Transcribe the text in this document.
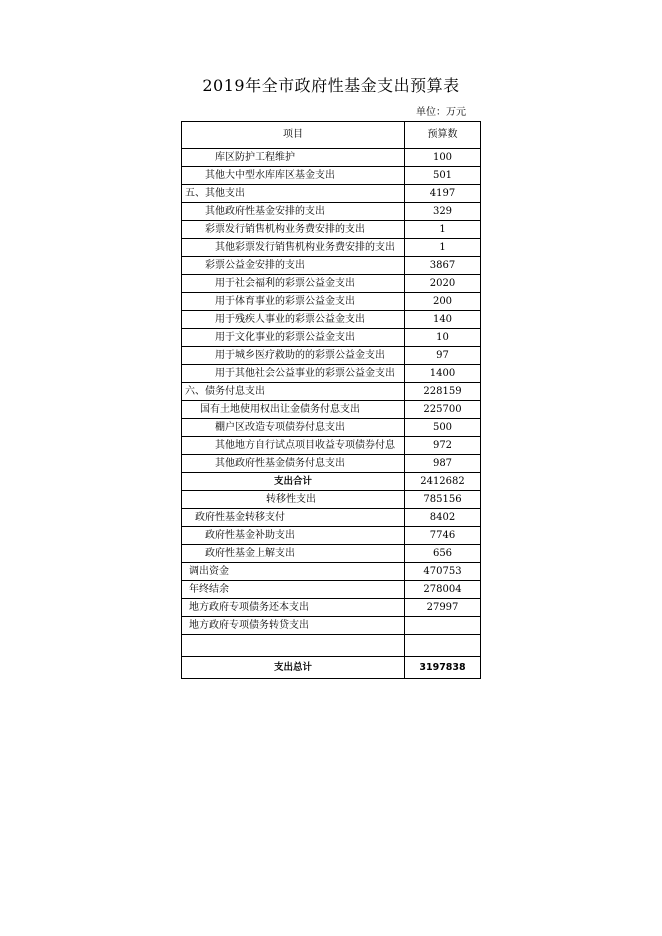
2019年全市政府性基金支出预算表
单位：万元
项目	预算数
库区防护工程维护	100
其他大中型水库库区基金支出	501
五、其他支出	4197
其他政府性基金安排的支出	329
彩票发行销售机构业务费安排的支出	1
其他彩票发行销售机构业务费安排的支出	1
彩票公益金安排的支出	3867
用于社会福利的彩票公益金支出	2020
用于体育事业的彩票公益金支出	200
用于残疾人事业的彩票公益金支出	140
用于文化事业的彩票公益金支出	10
用于城乡医疗救助的的彩票公益金支出	97
用于其他社会公益事业的彩票公益金支出	1400
六、债务付息支出	228159
国有土地使用权出让金债务付息支出	225700
棚户区改造专项债券付息支出	500
其他地方自行试点项目收益专项债券付息	972
其他政府性基金债务付息支出	987
支出合计	2412682
转移性支出	785156
政府性基金转移支付	8402
政府性基金补助支出	7746
政府性基金上解支出	656
调出资金	470753
年终结余	278004
地方政府专项债务还本支出	27997
地方政府专项债务转贷支出	

支出总计	3197838
